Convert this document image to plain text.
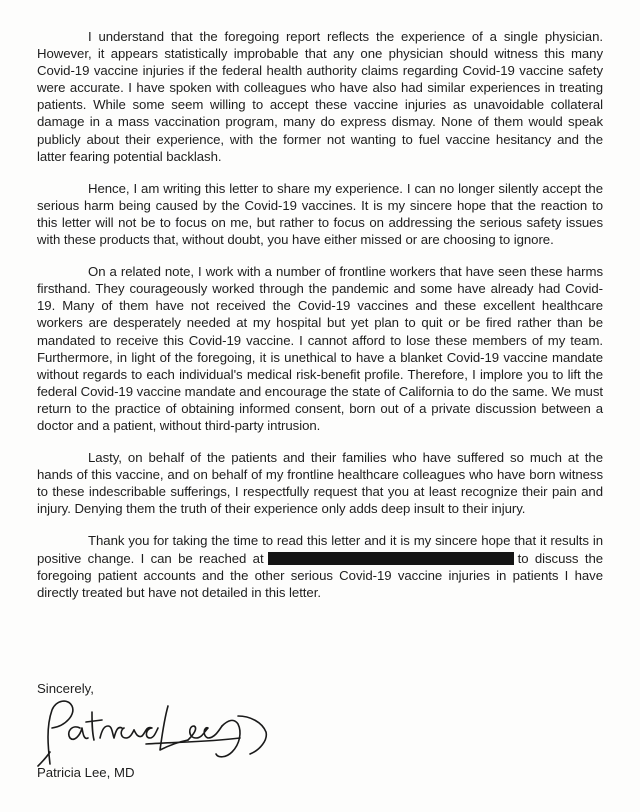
I understand that the foregoing report reflects the experience of a single physician. However, it appears statistically improbable that any one physician should witness this many Covid-19 vaccine injuries if the federal health authority claims regarding Covid-19 vaccine safety were accurate. I have spoken with colleagues who have also had similar experiences in treating patients. While some seem willing to accept these vaccine injuries as unavoidable collateral damage in a mass vaccination program, many do express dismay. None of them would speak publicly about their experience, with the former not wanting to fuel vaccine hesitancy and the latter fearing potential backlash.

Hence, I am writing this letter to share my experience. I can no longer silently accept the serious harm being caused by the Covid-19 vaccines. It is my sincere hope that the reaction to this letter will not be to focus on me, but rather to focus on addressing the serious safety issues with these products that, without doubt, you have either missed or are choosing to ignore.

On a related note, I work with a number of frontline workers that have seen these harms firsthand. They courageously worked through the pandemic and some have already had Covid-19. Many of them have not received the Covid-19 vaccines and these excellent healthcare workers are desperately needed at my hospital but yet plan to quit or be fired rather than be mandated to receive this Covid-19 vaccine. I cannot afford to lose these members of my team. Furthermore, in light of the foregoing, it is unethical to have a blanket Covid-19 vaccine mandate without regards to each individual's medical risk-benefit profile. Therefore, I implore you to lift the federal Covid-19 vaccine mandate and encourage the state of California to do the same. We must return to the practice of obtaining informed consent, born out of a private discussion between a doctor and a patient, without third-party intrusion.

Lasty, on behalf of the patients and their families who have suffered so much at the hands of this vaccine, and on behalf of my frontline healthcare colleagues who have born witness to these indescribable sufferings, I respectfully request that you at least recognize their pain and injury. Denying them the truth of their experience only adds deep insult to their injury.

Thank you for taking the time to read this letter and it is my sincere hope that it results in positive change. I can be reached at	to discuss the foregoing patient accounts and the other serious Covid-19 vaccine injuries in patients I have directly treated but have not detailed in this letter.

Sincerely,

Patricia Lee, MD
